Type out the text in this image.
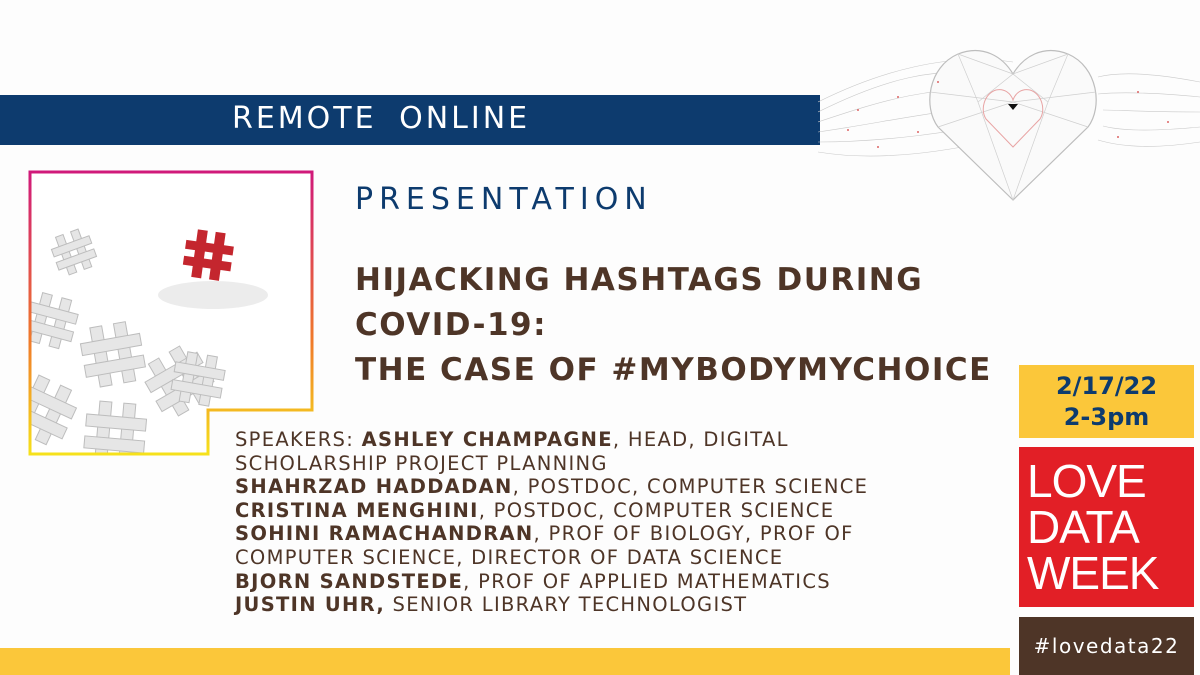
REMOTE ONLINE
PRESENTATION
HIJACKING HASHTAGS DURING
COVID-19:
THE CASE OF #MYBODYMYCHOICE
SPEAKERS: ASHLEY CHAMPAGNE, HEAD, DIGITAL
SCHOLARSHIP PROJECT PLANNING
SHAHRZAD HADDADAN, POSTDOC, COMPUTER SCIENCE
CRISTINA MENGHINI, POSTDOC, COMPUTER SCIENCE
SOHINI RAMACHANDRAN, PROF OF BIOLOGY, PROF OF
COMPUTER SCIENCE, DIRECTOR OF DATA SCIENCE
BJORN SANDSTEDE, PROF OF APPLIED MATHEMATICS
JUSTIN UHR, SENIOR LIBRARY TECHNOLOGIST
2/17/22
2-3pm
LOVE
DATA
WEEK
#lovedata22
